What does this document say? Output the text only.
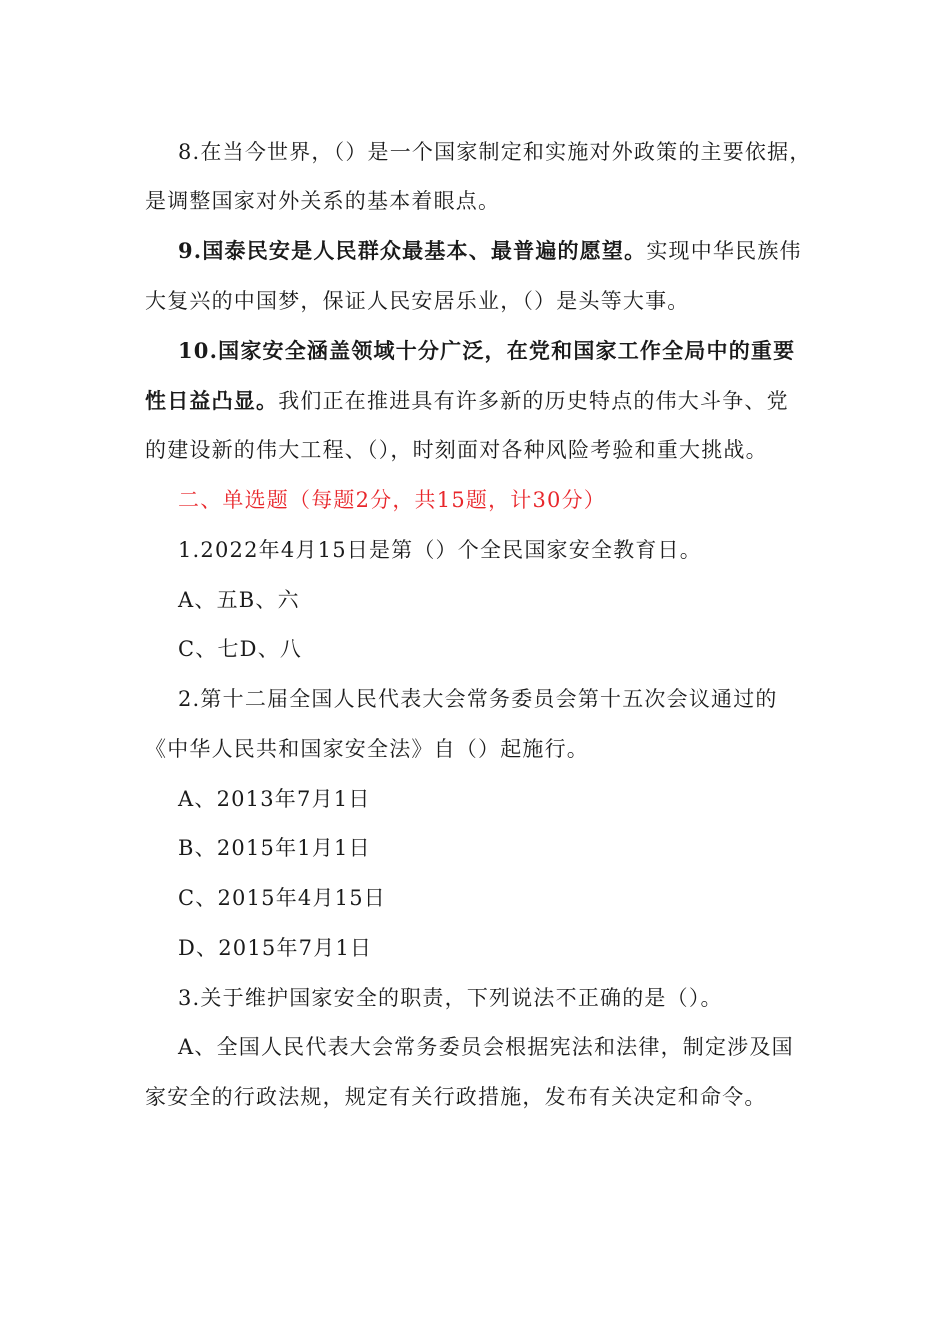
8.在当今世界，（）是一个国家制定和实施对外政策的主要依据，
是调整国家对外关系的基本着眼点。
9.国泰民安是人民群众最基本、最普遍的愿望。实现中华民族伟
大复兴的中国梦，保证人民安居乐业，（）是头等大事。
10.国家安全涵盖领域十分广泛，在党和国家工作全局中的重要
性日益凸显。我们正在推进具有许多新的历史特点的伟大斗争、党
的建设新的伟大工程、（），时刻面对各种风险考验和重大挑战。
二、单选题（每题2分，共15题，计30分）
1.2022年4月15日是第（）个全民国家安全教育日。
A、五B、六
C、七D、八
2.第十二届全国人民代表大会常务委员会第十五次会议通过的
《中华人民共和国家安全法》自（）起施行。
A、2013年7月1日
B、2015年1月1日
C、2015年4月15日
D、2015年7月1日
3.关于维护国家安全的职责，下列说法不正确的是（）。
A、全国人民代表大会常务委员会根据宪法和法律，制定涉及国
家安全的行政法规，规定有关行政措施，发布有关决定和命令。
